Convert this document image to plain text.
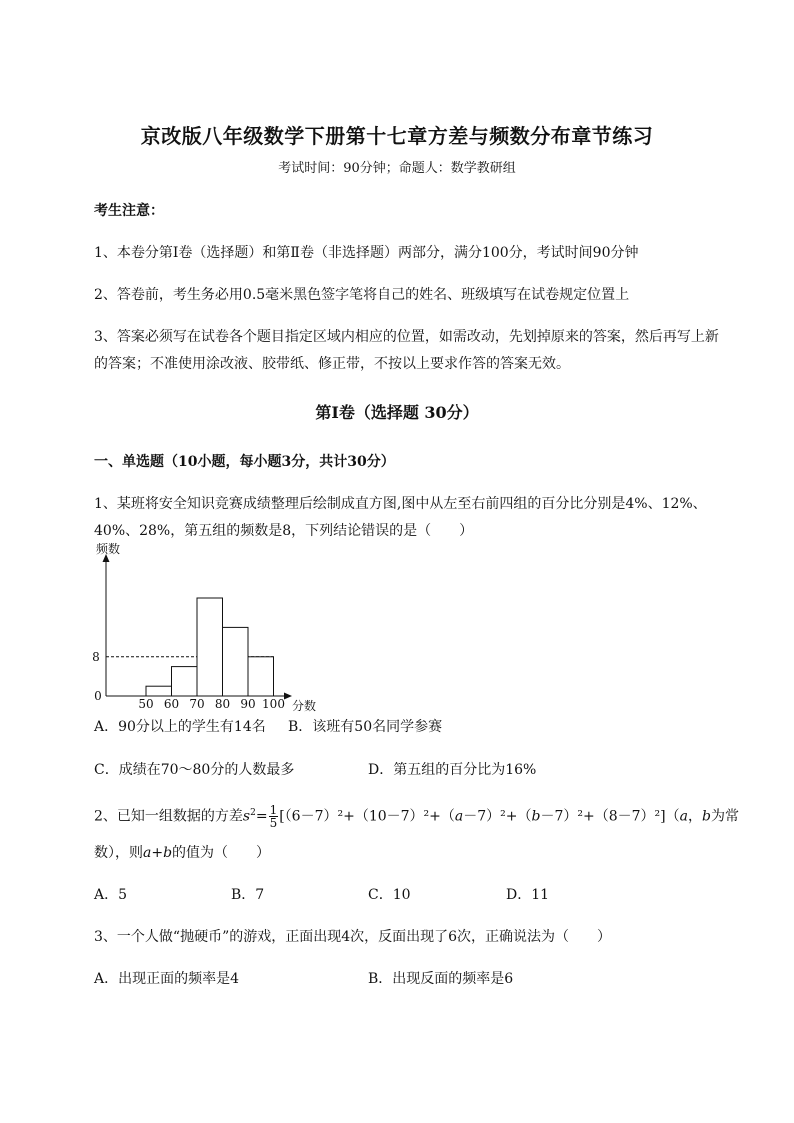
京改版八年级数学下册第十七章方差与频数分布章节练习
考试时间：90分钟；命题人：数学教研组
考生注意：
1、本卷分第Ⅰ卷（选择题）和第Ⅱ卷（非选择题）两部分，满分100分，考试时间90分钟
2、答卷前，考生务必用0.5毫米黑色签字笔将自己的姓名、班级填写在试卷规定位置上
3、答案必须写在试卷各个题目指定区域内相应的位置，如需改动，先划掉原来的答案，然后再写上新
的答案；不准使用涂改液、胶带纸、修正带，不按以上要求作答的答案无效。
第Ⅰ卷（选择题 30分）
一、单选题（10小题，每小题3分，共计30分）
1、某班将安全知识竞赛成绩整理后绘制成直方图,图中从左至右前四组的百分比分别是4%、12%、
40%、28%，第五组的频数是8，下列结论错误的是（　　）
频数
分数
0
8
50 60 70 80 90 100
A．90分以上的学生有14名 B．该班有50名同学参赛
C．成绩在70～80分的人数最多	D．第五组的百分比为16%
2、已知一组数据的方差$s^2= \frac{1}{5} [(6-7)^2+(10-7)^2+(a-7)^2+(b-7)^2+(8-7)^2](a$，b为常
数），则a+b的值为（　　）
A．5	B．7	C．10	D．11
3、一个人做“抛硬币”的游戏，正面出现4次，反面出现了6次，正确说法为（　　）
A．出现正面的频率是4	B．出现反面的频率是6
